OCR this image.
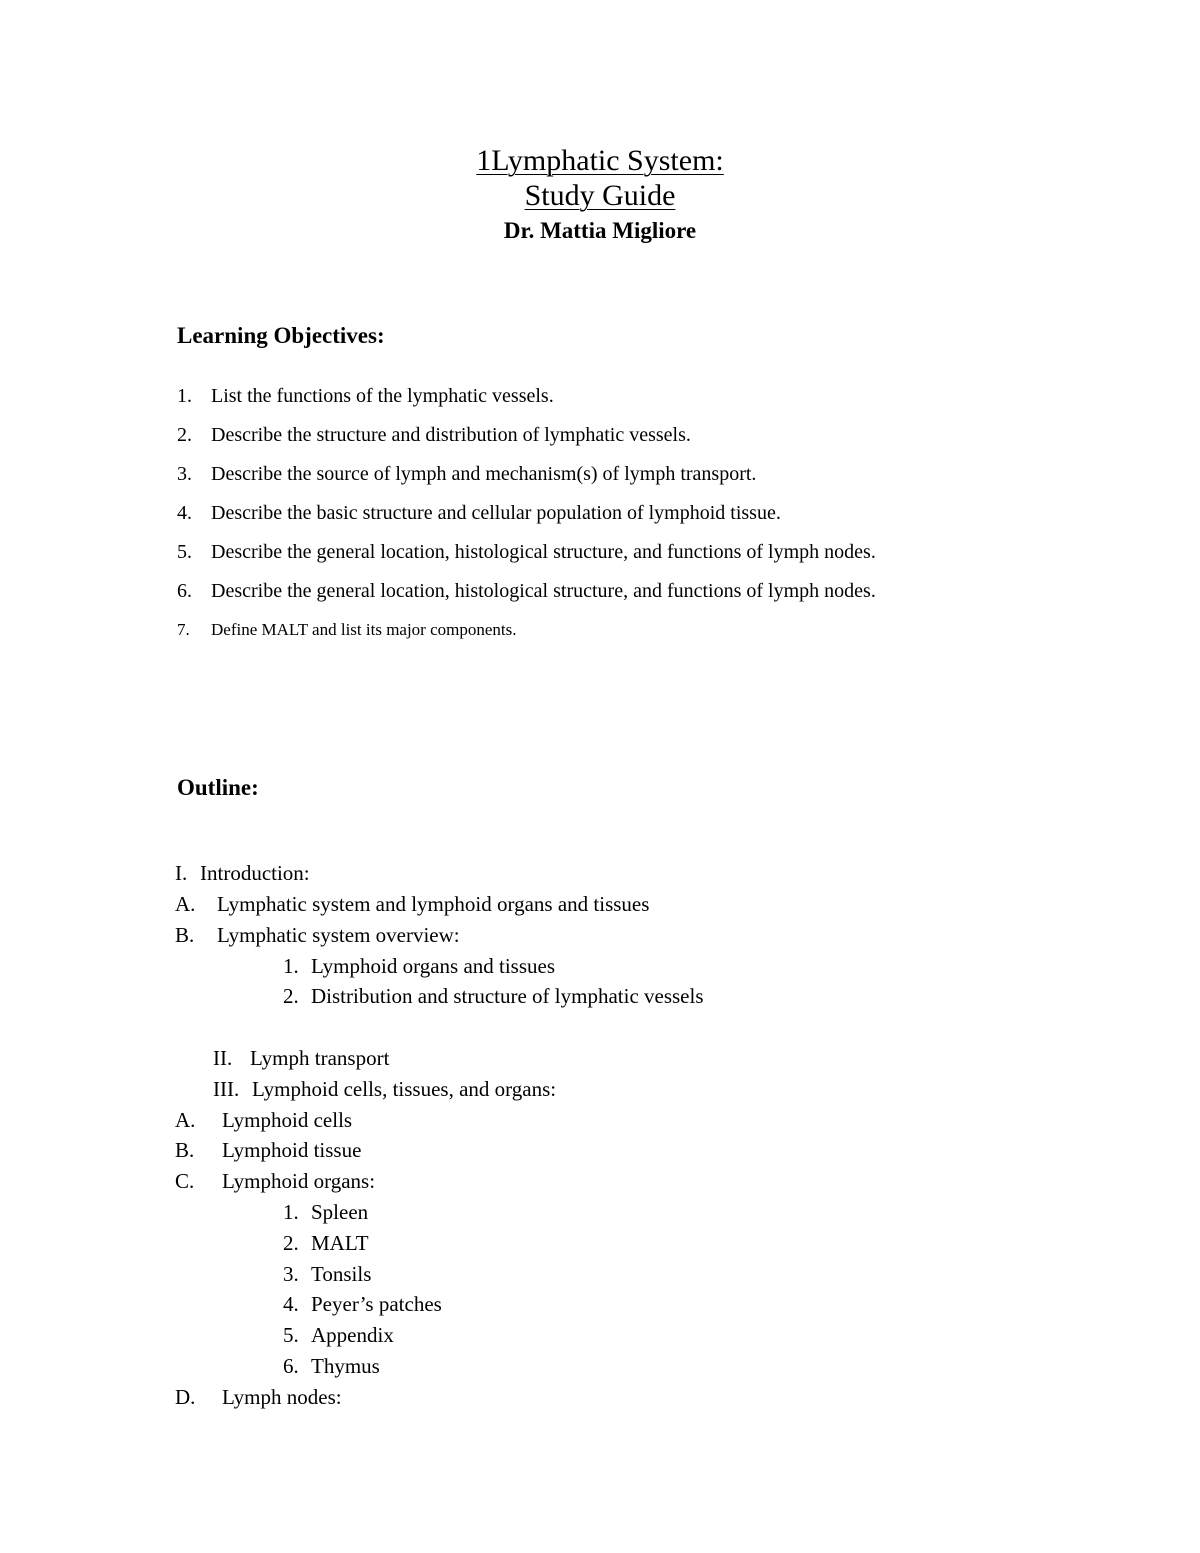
1Lymphatic System:
Study Guide
Dr. Mattia Migliore
Learning Objectives:
1. List the functions of the lymphatic vessels.
2. Describe the structure and distribution of lymphatic vessels.
3. Describe the source of lymph and mechanism(s) of lymph transport.
4. Describe the basic structure and cellular population of lymphoid tissue.
5. Describe the general location, histological structure, and functions of lymph nodes.
6. Describe the general location, histological structure, and functions of lymph nodes.
7. Define MALT and list its major components.
Outline:
I. Introduction:
A. Lymphatic system and lymphoid organs and tissues
B. Lymphatic system overview:
1. Lymphoid organs and tissues
2. Distribution and structure of lymphatic vessels
II. Lymph transport
III. Lymphoid cells, tissues, and organs:
A. Lymphoid cells
B. Lymphoid tissue
C. Lymphoid organs:
1. Spleen
2. MALT
3. Tonsils
4. Peyer’s patches
5. Appendix
6. Thymus
D. Lymph nodes:
